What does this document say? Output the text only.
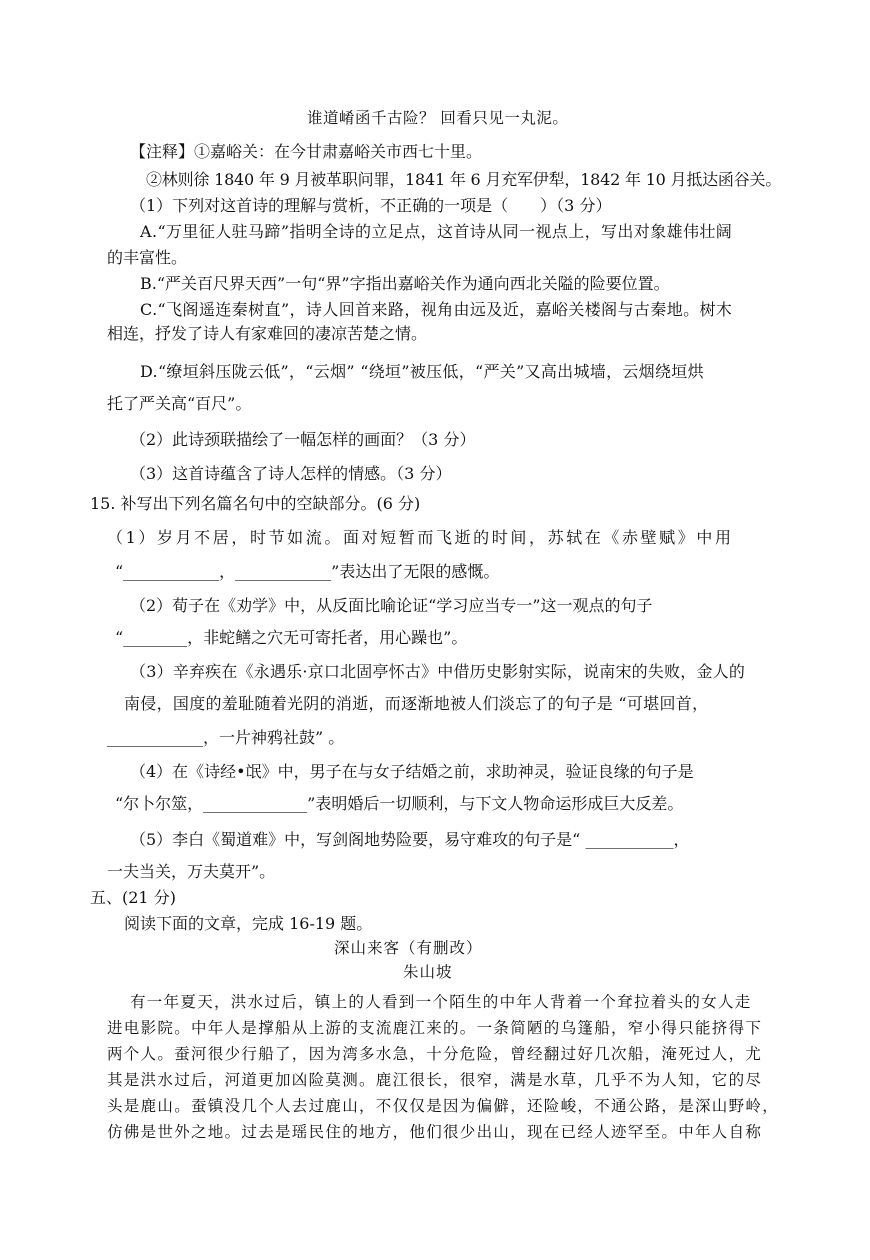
谁道崤函千古险？ 回看只见一丸泥。
【注释】①嘉峪关：在今甘肃嘉峪关市西七十里。
②林则徐 1840 年 9 月被革职问罪，1841 年 6 月充军伊犁，1842 年 10 月抵达函谷关。
（1）下列对这首诗的理解与赏析，不正确的一项是（　　）（3 分）
A.“万里征人驻马蹄”指明全诗的立足点，这首诗从同一视点上，写出对象雄伟壮阔
的丰富性。
B.“严关百尺界天西”一句“界”字指出嘉峪关作为通向西北关隘的险要位置。
C.“飞阁遥连秦树直”，诗人回首来路，视角由远及近，嘉峪关楼阁与古秦地。树木
相连，抒发了诗人有家难回的凄凉苦楚之情。
D.“缭垣斜压陇云低”，“云烟” “绕垣”被压低，“严关”又高出城墙，云烟绕垣烘
托了严关高“百尺”。
（2）此诗颈联描绘了一幅怎样的画面？（3 分）
（3）这首诗蕴含了诗人怎样的情感。（3 分）
15. 补写出下列名篇名句中的空缺部分。(6 分)
（1）岁月不居，时节如流。面对短暂而飞逝的时间，苏轼在《赤壁赋》中用
“____________，____________”表达出了无限的感慨。
（2）荀子在《劝学》中，从反面比喻论证“学习应当专一”这一观点的句子
“________，非蛇鳝之穴无可寄托者，用心躁也”。
（3）辛弃疾在《永遇乐·京口北固亭怀古》中借历史影射实际，说南宋的失败，金人的
南侵，国度的羞耻随着光阴的消逝，而逐渐地被人们淡忘了的句子是 “可堪回首，
____________，一片神鸦社鼓” 。
（4）在《诗经•氓》中，男子在与女子结婚之前，求助神灵，验证良缘的句子是
“尔卜尔筮，_____________”表明婚后一切顺利，与下文人物命运形成巨大反差。
（5）李白《蜀道难》中，写剑阁地势险要，易守难攻的句子是“ ___________，
一夫当关，万夫莫开”。
五、(21 分)
阅读下面的文章，完成 16-19 题。
深山来客（有删改）
朱山坡
有一年夏天，洪水过后，镇上的人看到一个陌生的中年人背着一个耷拉着头的女人走
进电影院。中年人是撑船从上游的支流鹿江来的。一条简陋的乌篷船，窄小得只能挤得下
两个人。蚕河很少行船了，因为湾多水急，十分危险，曾经翻过好几次船，淹死过人，尤
其是洪水过后，河道更加凶险莫测。鹿江很长，很窄，满是水草，几乎不为人知，它的尽
头是鹿山。蚕镇没几个人去过鹿山，不仅仅是因为偏僻，还险峻，不通公路，是深山野岭，
仿佛是世外之地。过去是瑶民住的地方，他们很少出山，现在已经人迹罕至。中年人自称
